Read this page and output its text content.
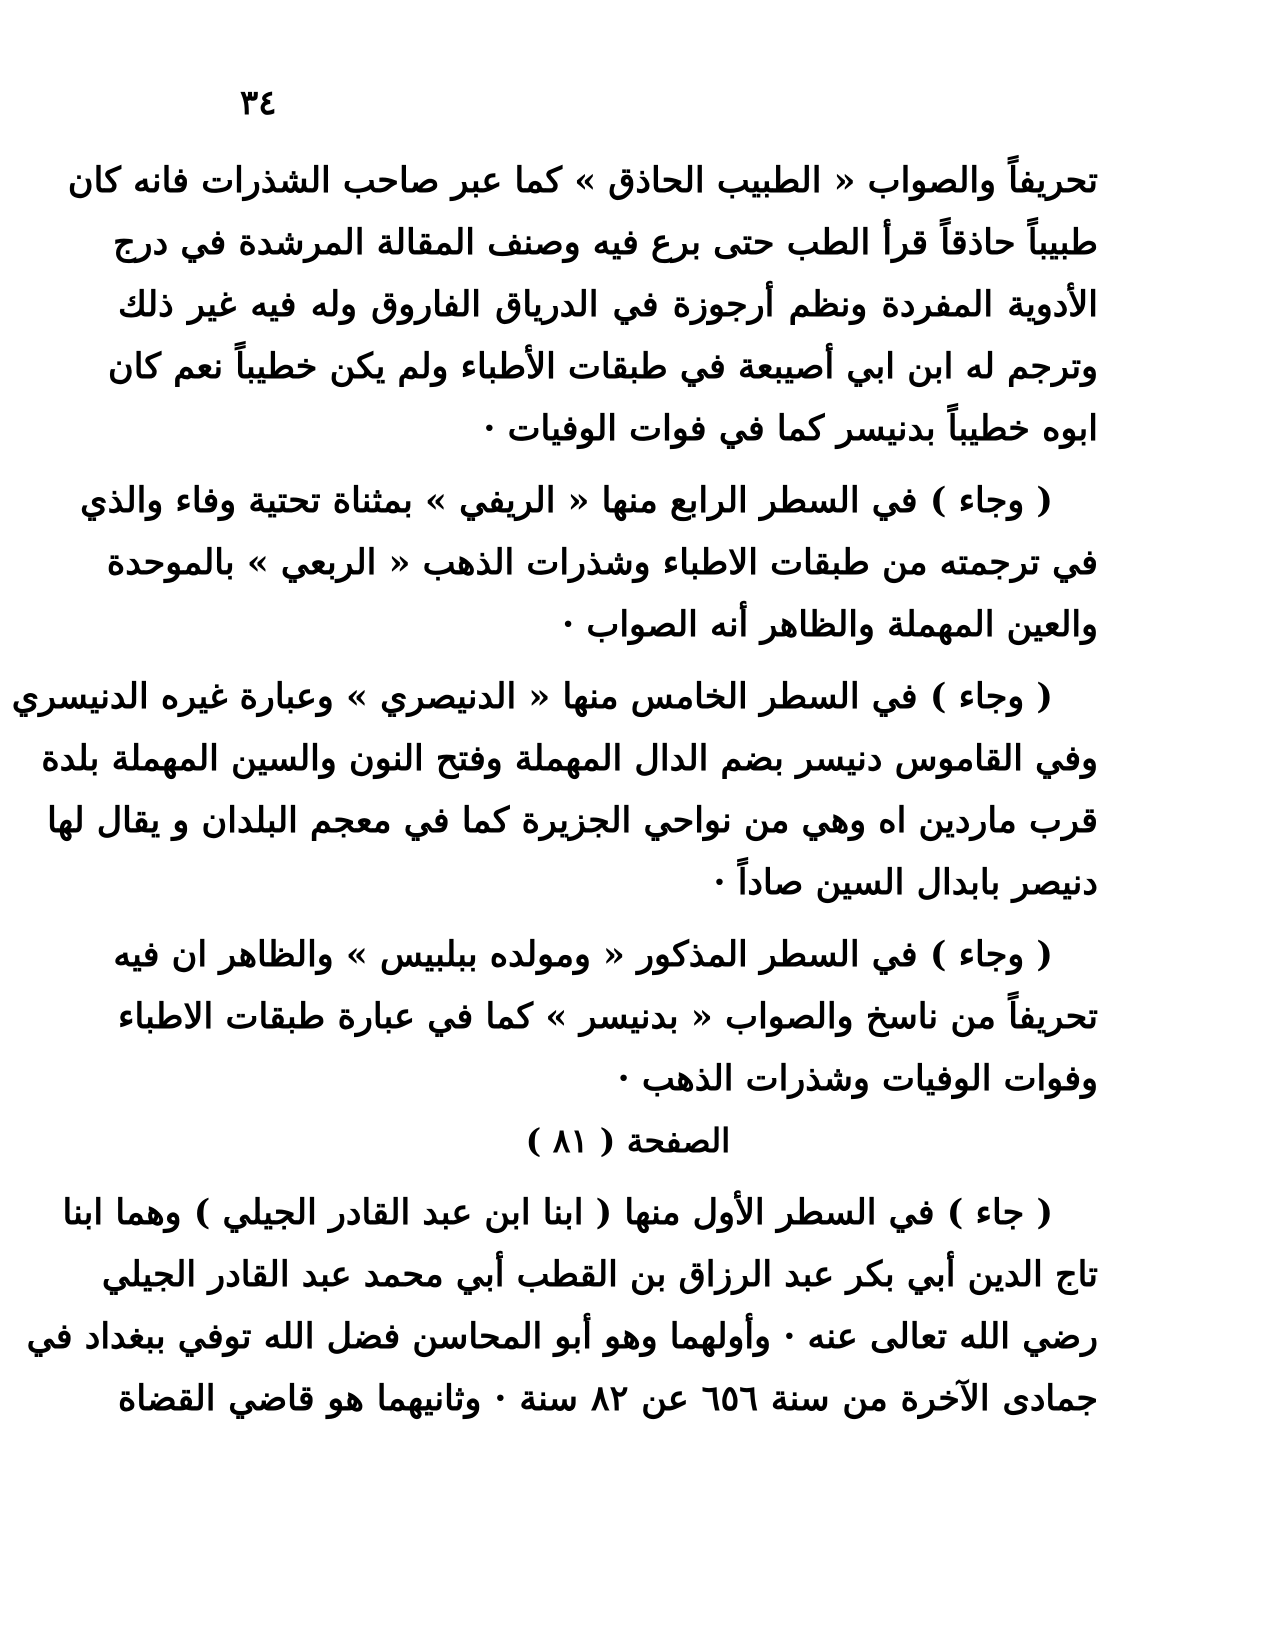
٣٤
تحريفاً والصواب « الطبيب الحاذق » كما عبر صاحب الشذرات فانه كان
طبيباً حاذقاً قرأ الطب حتى برع فيه وصنف المقالة المرشدة في درج
الأدوية المفردة ونظم أرجوزة في الدرياق الفاروق وله فيه غير ذلك
وترجم له ابن ابي أصيبعة في طبقات الأطباء ولم يكن خطيباً نعم كان
ابوه خطيباً بدنيسر كما في فوات الوفيات ·
( وجاء ) في السطر الرابع منها « الريفي » بمثناة تحتية وفاء والذي
في ترجمته من طبقات الاطباء وشذرات الذهب « الربعي » بالموحدة
والعين المهملة والظاهر أنه الصواب ·
( وجاء ) في السطر الخامس منها « الدنيصري » وعبارة غيره الدنيسري
وفي القاموس دنيسر بضم الدال المهملة وفتح النون والسين المهملة بلدة
قرب ماردين اه وهي من نواحي الجزيرة كما في معجم البلدان و يقال لها
دنيصر بابدال السين صاداً ·
( وجاء ) في السطر المذكور « ومولده ببلبيس » والظاهر ان فيه
تحريفاً من ناسخ والصواب « بدنيسر » كما في عبارة طبقات الاطباء
وفوات الوفيات وشذرات الذهب ·
الصفحة ( ٨١ )
( جاء ) في السطر الأول منها ( ابنا ابن عبد القادر الجيلي ) وهما ابنا
تاج الدين أبي بكر عبد الرزاق بن القطب أبي محمد عبد القادر الجيلي
رضي الله تعالى عنه · وأولهما وهو أبو المحاسن فضل الله توفي ببغداد في
جمادى الآخرة من سنة ٦٥٦ عن ٨٢ سنة · وثانيهما هو قاضي القضاة
